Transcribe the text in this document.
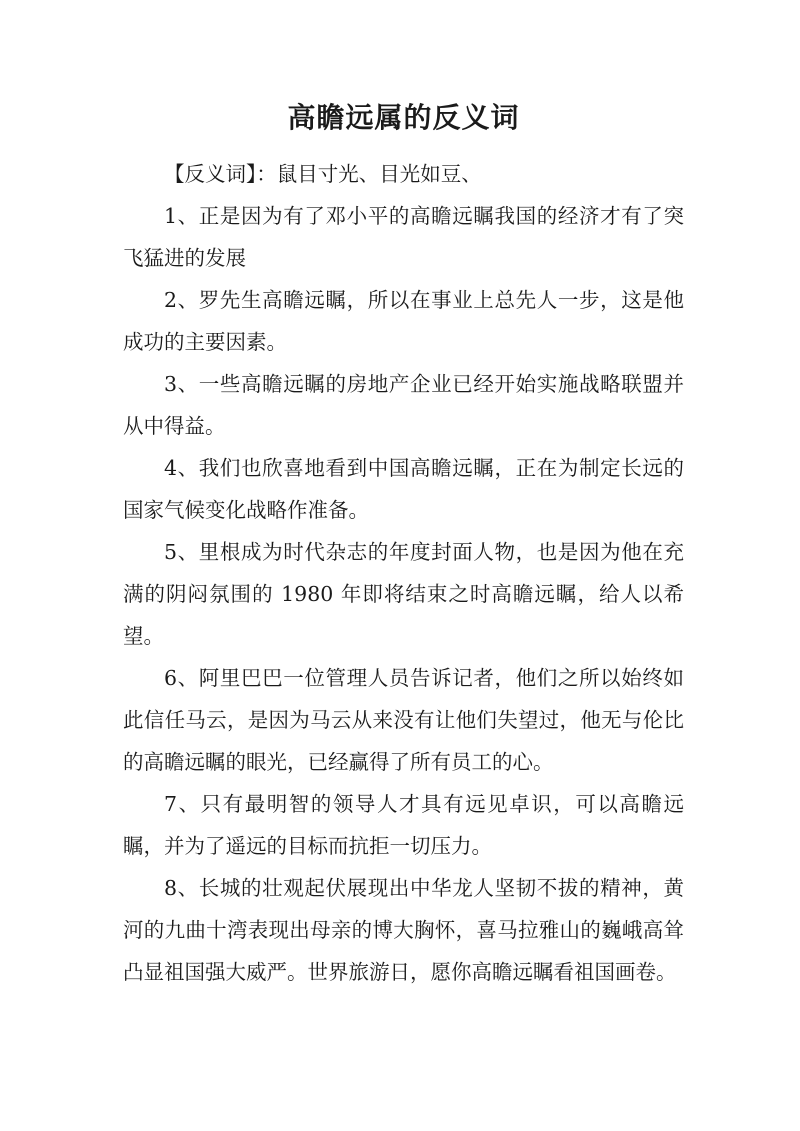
高瞻远属的反义词

【反义词】：鼠目寸光、目光如豆、

1、正是因为有了邓小平的高瞻远瞩我国的经济才有了突飞猛进的发展

2、罗先生高瞻远瞩，所以在事业上总先人一步，这是他成功的主要因素。

3、一些高瞻远瞩的房地产企业已经开始实施战略联盟并从中得益。

4、我们也欣喜地看到中国高瞻远瞩，正在为制定长远的国家气候变化战略作准备。

5、里根成为时代杂志的年度封面人物，也是因为他在充满的阴闷氛围的 1980 年即将结束之时高瞻远瞩，给人以希望。

6、阿里巴巴一位管理人员告诉记者，他们之所以始终如此信任马云，是因为马云从来没有让他们失望过，他无与伦比的高瞻远瞩的眼光，已经赢得了所有员工的心。

7、只有最明智的领导人才具有远见卓识，可以高瞻远瞩，并为了遥远的目标而抗拒一切压力。

8、长城的壮观起伏展现出中华龙人坚韧不拔的精神，黄河的九曲十湾表现出母亲的博大胸怀，喜马拉雅山的巍峨高耸凸显祖国强大威严。世界旅游日，愿你高瞻远瞩看祖国画卷。
